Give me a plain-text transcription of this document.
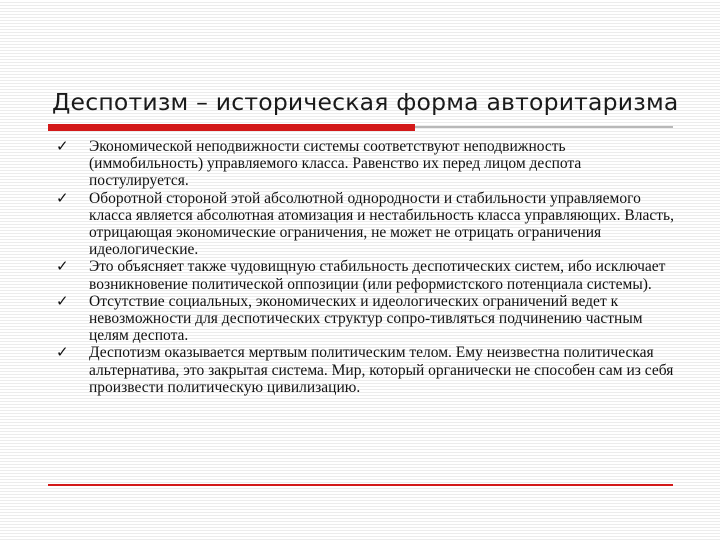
Деспотизм – историческая форма авторитаризма
✓	Экономической неподвижности системы соответствуют неподвижность (иммобильность) управляемого класса. Равенство их перед лицом деспота постулируется.
✓	Оборотной стороной этой абсолютной однородности и стабильности управляемого класса является абсолютная атомизация и нестабильность класса управляющих. Власть, отрицающая экономические ограничения, не может не отрицать ограничения идеологические.
✓	Это объясняет также чудовищную стабильность деспотических систем, ибо исключает возникновение политической оппозиции (или реформистского потенциала системы).
✓	Отсутствие социальных, экономических и идеологических ограничений ведет к невозможности для деспотических структур сопро-тивляться подчинению частным целям деспота.
✓	Деспотизм оказывается мертвым политическим телом. Ему неизвестна политическая альтернатива, это закрытая система. Мир, который органически не способен сам из себя произвести политическую цивилизацию.
